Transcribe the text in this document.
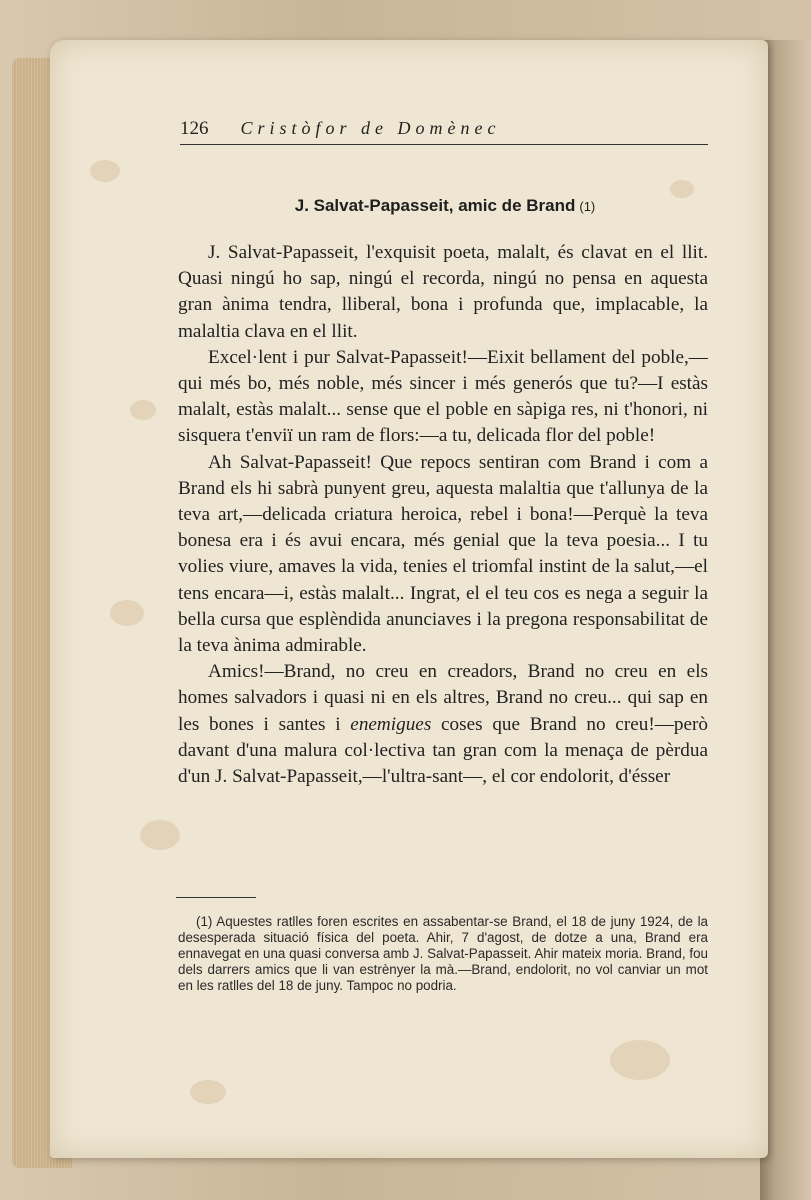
126 Cristòfor de Domènec
J. Salvat-Papasseit, amic de Brand (1)

J. Salvat-Papasseit, l'exquisit poeta, malalt, és clavat en el llit. Quasi ningú ho sap, ningú el recorda, ningú no pensa en aquesta gran ànima tendra, lliberal, bona i profunda que, implacable, la malaltia clava en el llit.

Excel·lent i pur Salvat-Papasseit!—Eixit bellament del poble,—qui més bo, més noble, més sincer i més generós que tu?—I estàs malalt, estàs malalt... sense que el poble en sàpiga res, ni t'honori, ni sisquera t'enviï un ram de flors:—a tu, delicada flor del poble!

Ah Salvat-Papasseit! Que repocs sentiran com Brand i com a Brand els hi sabrà punyent greu, aquesta malaltia que t'allunya de la teva art,—delicada criatura heroica, rebel i bona!—Perquè la teva bonesa era i és avui encara, més genial que la teva poesia... I tu volies viure, amaves la vida, tenies el triomfal instint de la salut,—el tens encara—i, estàs malalt... Ingrat, el el teu cos es nega a seguir la bella cursa que esplèndida anunciaves i la pregona responsabilitat de la teva ànima admirable.

Amics!—Brand, no creu en creadors, Brand no creu en els homes salvadors i quasi ni en els altres, Brand no creu... qui sap en les bones i santes i enemigues coses que Brand no creu!—però davant d'una malura col·lectiva tan gran com la menaça de pèrdua d'un J. Salvat-Papasseit,—l'ultra-sant—, el cor endolorit, d'ésser

(1) Aquestes ratlles foren escrites en assabentar-se Brand, el 18 de juny 1924, de la desesperada situació física del poeta. Ahir, 7 d'agost, de dotze a una, Brand era ennavegat en una quasi conversa amb J. Salvat-Papasseit. Ahir mateix moria. Brand, fou dels darrers amics que li van estrènyer la mà.—Brand, endolorit, no vol canviar un mot en les ratlles del 18 de juny. Tampoc no podria.
